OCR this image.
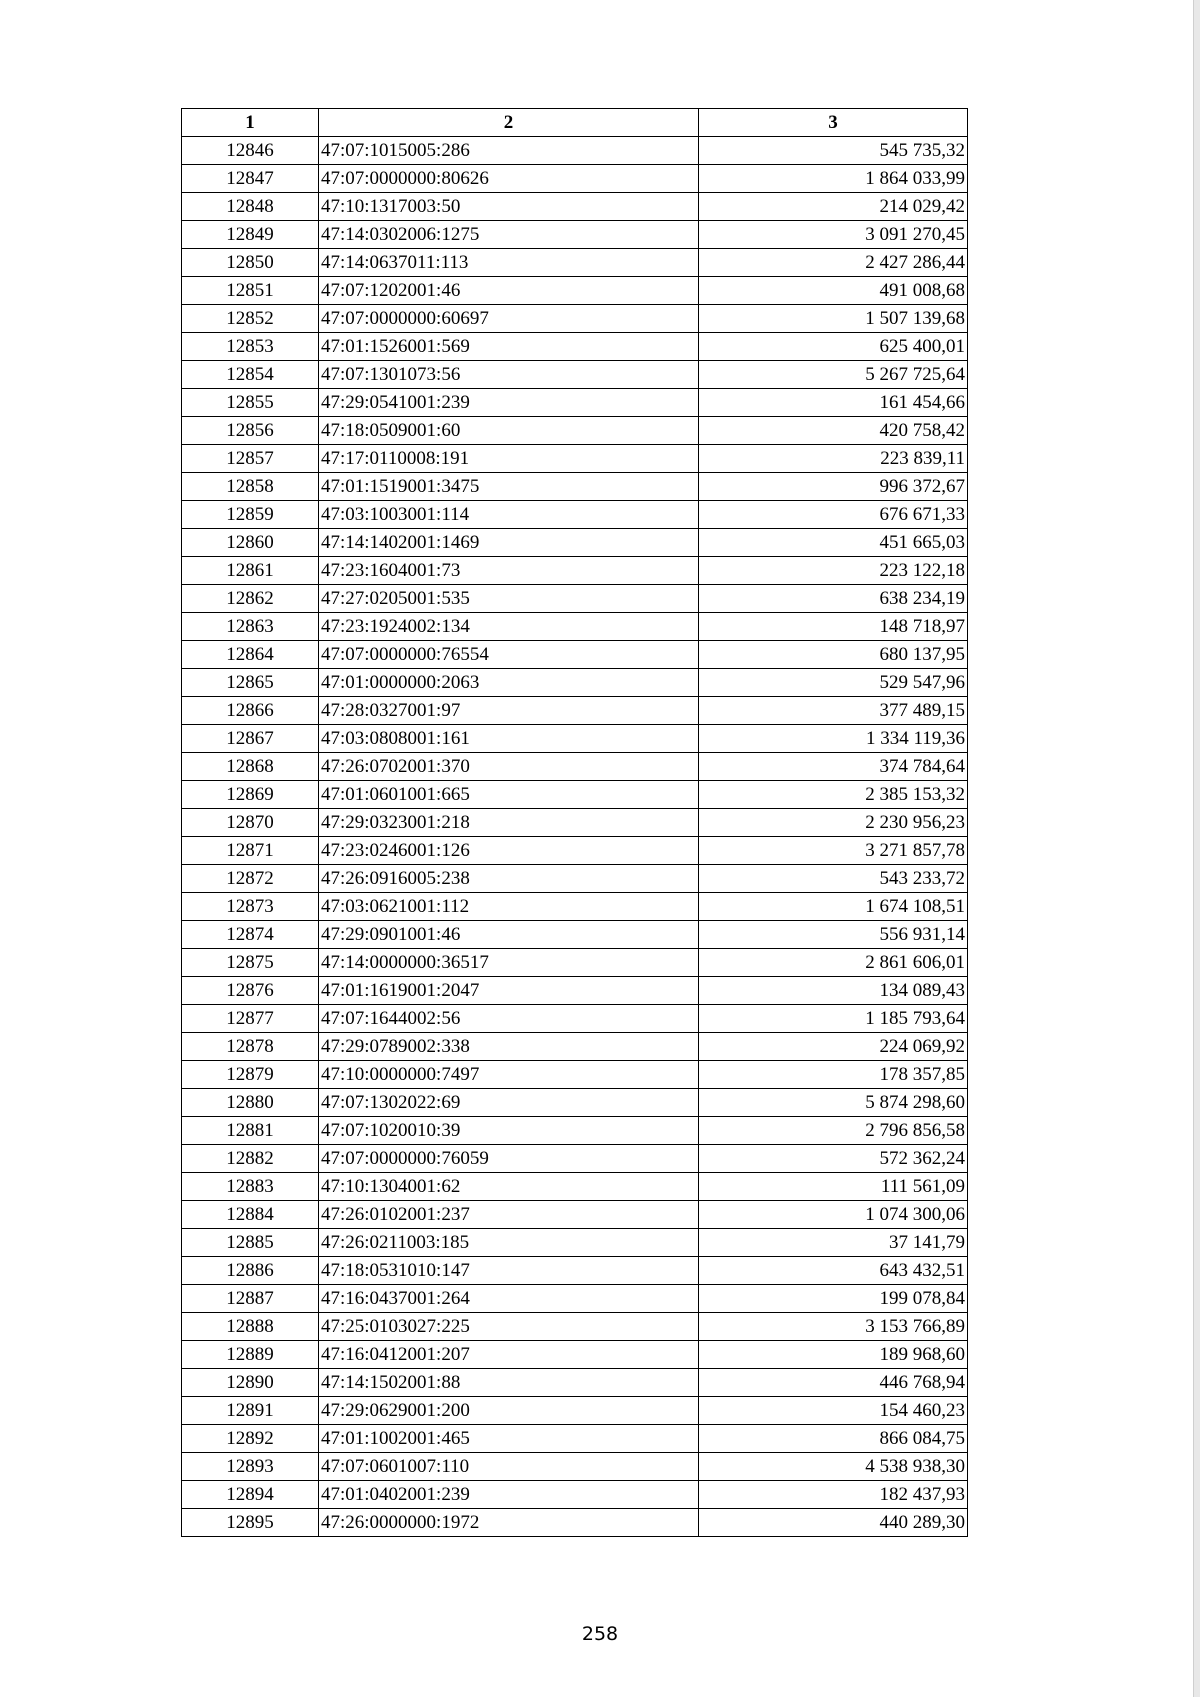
1	2	3
12846	47:07:1015005:286	545 735,32
12847	47:07:0000000:80626	1 864 033,99
12848	47:10:1317003:50	214 029,42
12849	47:14:0302006:1275	3 091 270,45
12850	47:14:0637011:113	2 427 286,44
12851	47:07:1202001:46	491 008,68
12852	47:07:0000000:60697	1 507 139,68
12853	47:01:1526001:569	625 400,01
12854	47:07:1301073:56	5 267 725,64
12855	47:29:0541001:239	161 454,66
12856	47:18:0509001:60	420 758,42
12857	47:17:0110008:191	223 839,11
12858	47:01:1519001:3475	996 372,67
12859	47:03:1003001:114	676 671,33
12860	47:14:1402001:1469	451 665,03
12861	47:23:1604001:73	223 122,18
12862	47:27:0205001:535	638 234,19
12863	47:23:1924002:134	148 718,97
12864	47:07:0000000:76554	680 137,95
12865	47:01:0000000:2063	529 547,96
12866	47:28:0327001:97	377 489,15
12867	47:03:0808001:161	1 334 119,36
12868	47:26:0702001:370	374 784,64
12869	47:01:0601001:665	2 385 153,32
12870	47:29:0323001:218	2 230 956,23
12871	47:23:0246001:126	3 271 857,78
12872	47:26:0916005:238	543 233,72
12873	47:03:0621001:112	1 674 108,51
12874	47:29:0901001:46	556 931,14
12875	47:14:0000000:36517	2 861 606,01
12876	47:01:1619001:2047	134 089,43
12877	47:07:1644002:56	1 185 793,64
12878	47:29:0789002:338	224 069,92
12879	47:10:0000000:7497	178 357,85
12880	47:07:1302022:69	5 874 298,60
12881	47:07:1020010:39	2 796 856,58
12882	47:07:0000000:76059	572 362,24
12883	47:10:1304001:62	111 561,09
12884	47:26:0102001:237	1 074 300,06
12885	47:26:0211003:185	37 141,79
12886	47:18:0531010:147	643 432,51
12887	47:16:0437001:264	199 078,84
12888	47:25:0103027:225	3 153 766,89
12889	47:16:0412001:207	189 968,60
12890	47:14:1502001:88	446 768,94
12891	47:29:0629001:200	154 460,23
12892	47:01:1002001:465	866 084,75
12893	47:07:0601007:110	4 538 938,30
12894	47:01:0402001:239	182 437,93
12895	47:26:0000000:1972	440 289,30
258
